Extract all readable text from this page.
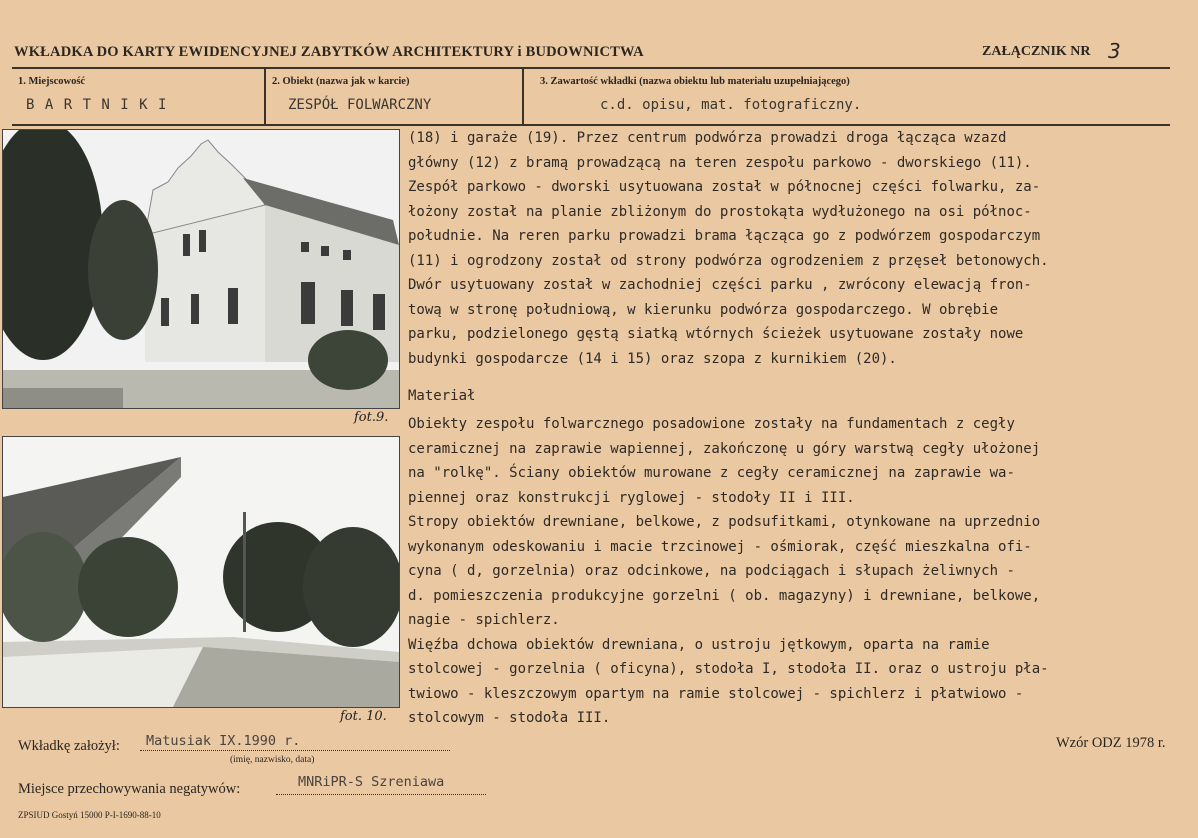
WKŁADKA DO KARTY EWIDENCYJNEJ ZABYTKÓW ARCHITEKTURY i BUDOWNICTWA	ZAŁĄCZNIK NR 3
1. Miejscowość
B A R T N I K I
2. Obiekt (nazwa jak w karcie)
ZESPÓŁ FOLWARCZNY
3. Zawartość wkładki (nazwa obiektu lub materiału uzupełniającego)
c.d. opisu, mat. fotograficzny.
fot.9.
fot. 10.
(18) i garaże (19). Przez centrum podwórza prowadzi droga łącząca wzazd
główny (12) z bramą prowadzącą na teren zespołu parkowo - dworskiego (11).
Zespół parkowo - dworski usytuowana został w północnej części folwarku, za-
łożony został na planie zbliżonym do prostokąta wydłużonego na osi północ-
południe. Na reren parku prowadzi brama łącząca go z podwórzem gospodarczym
(11) i ogrodzony został od strony podwórza ogrodzeniem z przęseł betonowych.
Dwór usytuowany został w zachodniej części parku , zwrócony elewacją fron-
tową w stronę południową, w kierunku podwórza gospodarczego. W obrębie
parku, podzielonego gęstą siatką wtórnych ścieżek usytuowane zostały nowe
budynki gospodarcze (14 i 15) oraz szopa z kurnikiem (20).
Materiał
Obiekty zespołu folwarcznego posadowione zostały na fundamentach z cegły
ceramicznej na zaprawie wapiennej, zakończonę u góry warstwą cegły ułożonej
na "rolkę". Ściany obiektów murowane z cegły ceramicznej na zaprawie wa-
piennej oraz konstrukcji ryglowej - stodoły II i III.
Stropy obiektów drewniane, belkowe, z podsufitkami, otynkowane na uprzednio
wykonanym odeskowaniu i macie trzcinowej - ośmiorak, część mieszkalna ofi-
cyna ( d, gorzelnia) oraz odcinkowe, na podciągach i słupach żeliwnych -
d. pomieszczenia produkcyjne gorzelni ( ob. magazyny) i drewniane, belkowe,
nagie - spichlerz.
Więźba dchowa obiektów drewniana, o ustroju jętkowym, oparta na ramie
stolcowej - gorzelnia ( oficyna), stodoła I, stodoła II. oraz o ustroju pła-
twiowo - kleszczowym opartym na ramie stolcowej - spichlerz i płatwiowo -
stolcowym - stodoła III.
Wkładkę założył: Matusiak IX.1990 r.
(imię, nazwisko, data)
Wzór ODZ 1978 r.
Miejsce przechowywania negatywów:	MNRiPR-S Szreniawa
ZPSIUD Gostyń 15000 P-I-1690-88-10
